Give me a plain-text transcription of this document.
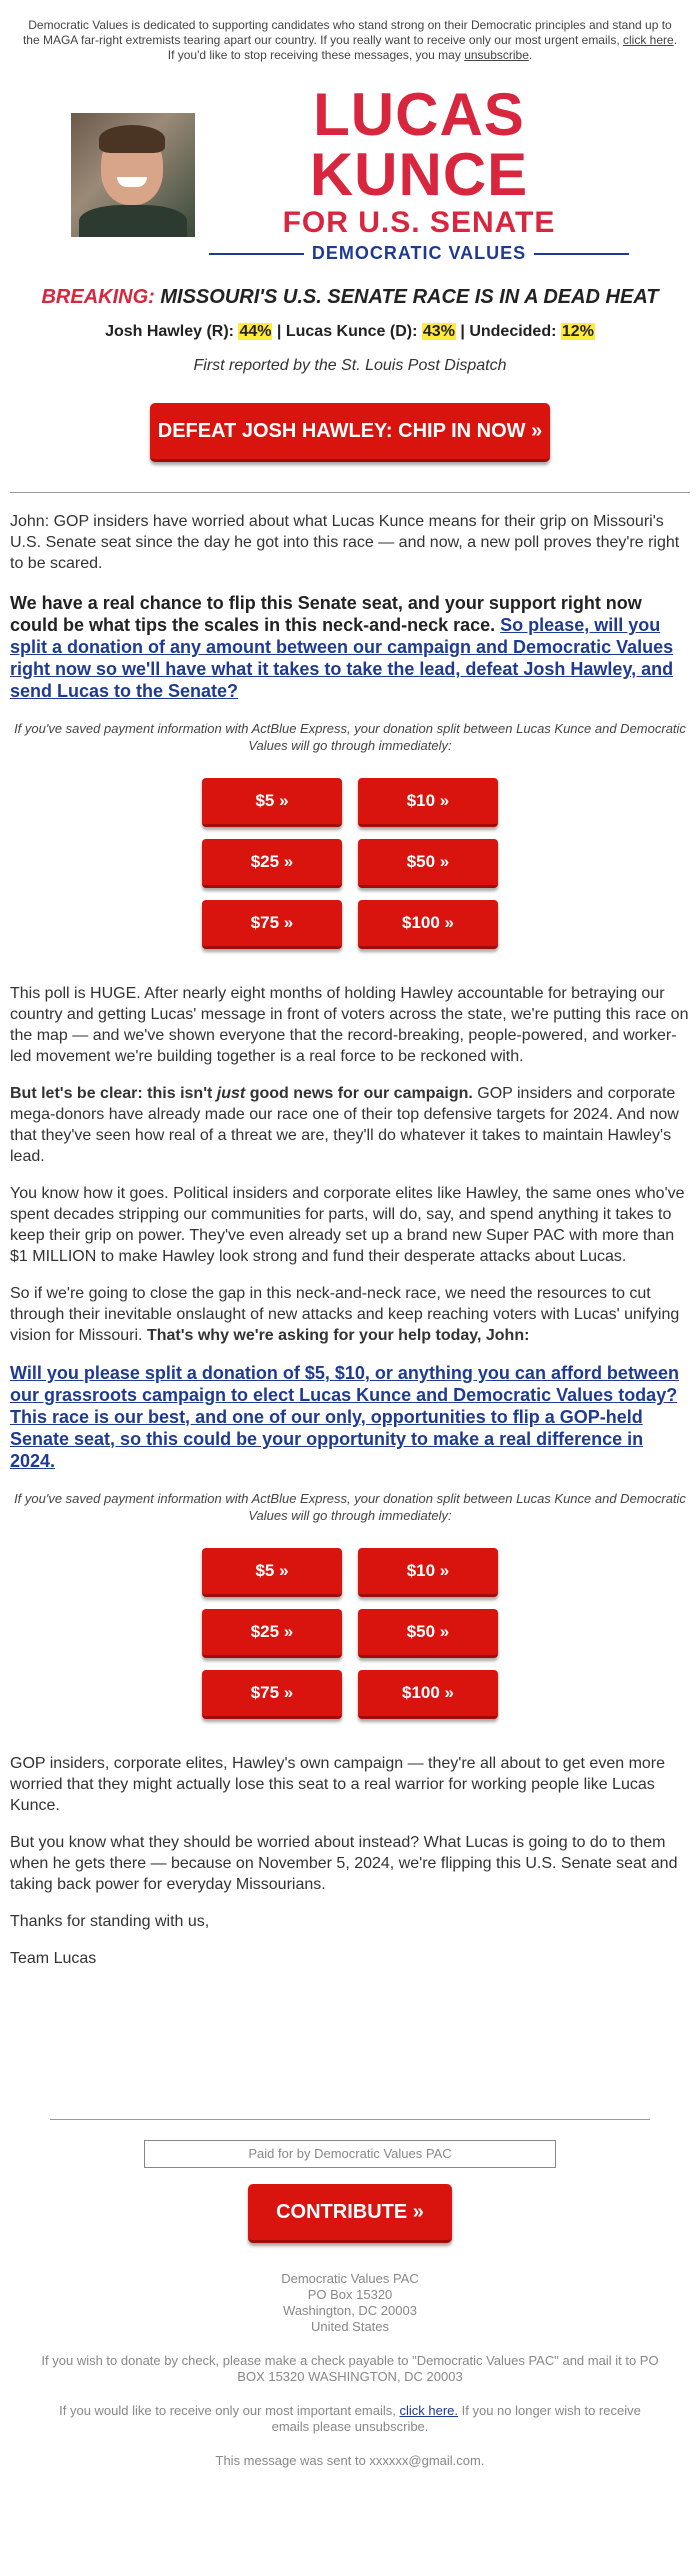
Democratic Values is dedicated to supporting candidates who stand strong on their Democratic principles and stand up to the MAGA far-right extremists tearing apart our country. If you really want to receive only our most urgent emails, click here. If you'd like to stop receiving these messages, you may unsubscribe.
LUCAS KUNCE
FOR U.S. SENATE
DEMOCRATIC VALUES
BREAKING: MISSOURI'S U.S. SENATE RACE IS IN A DEAD HEAT
Josh Hawley (R): 44% | Lucas Kunce (D): 43% | Undecided: 12%
First reported by the St. Louis Post Dispatch
DEFEAT JOSH HAWLEY: CHIP IN NOW »

John: GOP insiders have worried about what Lucas Kunce means for their grip on Missouri's U.S. Senate seat since the day he got into this race — and now, a new poll proves they're right to be scared.

We have a real chance to flip this Senate seat, and your support right now could be what tips the scales in this neck-and-neck race. So please, will you split a donation of any amount between our campaign and Democratic Values right now so we'll have what it takes to take the lead, defeat Josh Hawley, and send Lucas to the Senate?

If you've saved payment information with ActBlue Express, your donation split between Lucas Kunce and Democratic Values will go through immediately:
$5 »	$10 »
$25 »	$50 »
$75 »	$100 »

This poll is HUGE. After nearly eight months of holding Hawley accountable for betraying our country and getting Lucas' message in front of voters across the state, we're putting this race on the map — and we've shown everyone that the record-breaking, people-powered, and worker-led movement we're building together is a real force to be reckoned with.

But let's be clear: this isn't just good news for our campaign. GOP insiders and corporate mega-donors have already made our race one of their top defensive targets for 2024. And now that they've seen how real of a threat we are, they'll do whatever it takes to maintain Hawley's lead.

You know how it goes. Political insiders and corporate elites like Hawley, the same ones who've spent decades stripping our communities for parts, will do, say, and spend anything it takes to keep their grip on power. They've even already set up a brand new Super PAC with more than $1 MILLION to make Hawley look strong and fund their desperate attacks about Lucas.

So if we're going to close the gap in this neck-and-neck race, we need the resources to cut through their inevitable onslaught of new attacks and keep reaching voters with Lucas' unifying vision for Missouri. That's why we're asking for your help today, John:

Will you please split a donation of $5, $10, or anything you can afford between our grassroots campaign to elect Lucas Kunce and Democratic Values today? This race is our best, and one of our only, opportunities to flip a GOP-held Senate seat, so this could be your opportunity to make a real difference in 2024.
If you've saved payment information with ActBlue Express, your donation split between Lucas Kunce and Democratic Values will go through immediately:
$5 »	$10 »
$25 »	$50 »
$75 »	$100 »

GOP insiders, corporate elites, Hawley's own campaign — they're all about to get even more worried that they might actually lose this seat to a real warrior for working people like Lucas Kunce.

But you know what they should be worried about instead? What Lucas is going to do to them when he gets there — because on November 5, 2024, we're flipping this U.S. Senate seat and taking back power for everyday Missourians.

Thanks for standing with us,

Team Lucas

Paid for by Democratic Values PAC
CONTRIBUTE »
Democratic Values PAC
PO Box 15320
Washington, DC 20003
United States
If you wish to donate by check, please make a check payable to "Democratic Values PAC" and mail it to PO BOX 15320 WASHINGTON, DC 20003
If you would like to receive only our most important emails, click here. If you no longer wish to receive emails please unsubscribe.
This message was sent to xxxxxx@gmail.com.
